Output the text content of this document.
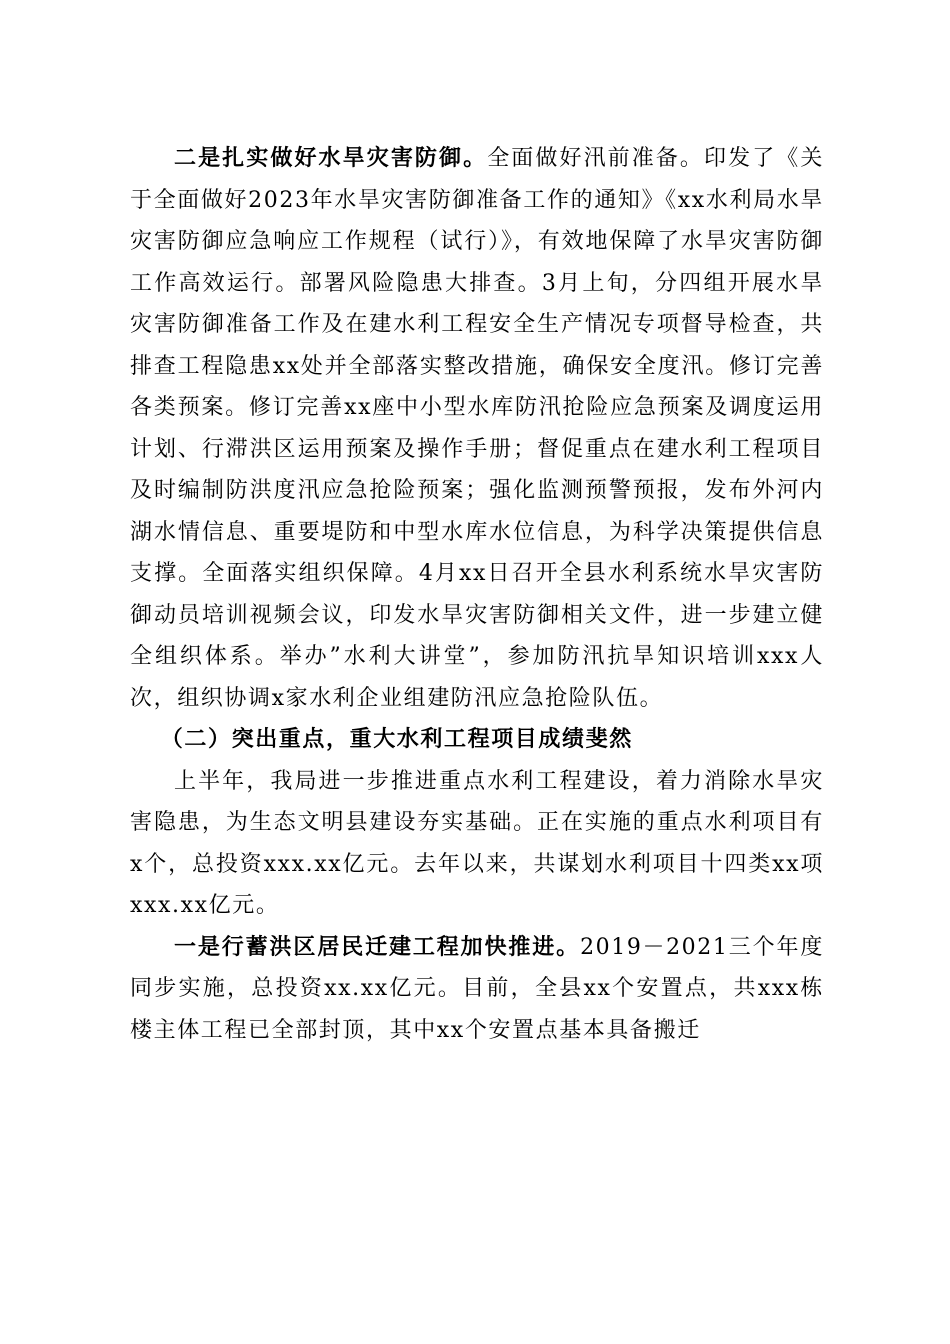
二是扎实做好水旱灾害防御。全面做好汛前准备。印发了《关于全面做好2023年水旱灾害防御准备工作的通知》《xx水利局水旱灾害防御应急响应工作规程（试行）》，有效地保障了水旱灾害防御工作高效运行。部署风险隐患大排查。3月上旬，分四组开展水旱灾害防御准备工作及在建水利工程安全生产情况专项督导检查，共排查工程隐患xx处并全部落实整改措施，确保安全度汛。修订完善各类预案。修订完善xx座中小型水库防汛抢险应急预案及调度运用计划、行滞洪区运用预案及操作手册；督促重点在建水利工程项目及时编制防洪度汛应急抢险预案；强化监测预警预报，发布外河内湖水情信息、重要堤防和中型水库水位信息，为科学决策提供信息支撑。全面落实组织保障。4月xx日召开全县水利系统水旱灾害防御动员培训视频会议，印发水旱灾害防御相关文件，进一步建立健全组织体系。举办”水利大讲堂”，参加防汛抗旱知识培训xxx人次，组织协调x家水利企业组建防汛应急抢险队伍。

（二）突出重点，重大水利工程项目成绩斐然

上半年，我局进一步推进重点水利工程建设，着力消除水旱灾害隐患，为生态文明县建设夯实基础。正在实施的重点水利项目有x个，总投资xxx.xx亿元。去年以来，共谋划水利项目十四类xx项xxx.xx亿元。

一是行蓄洪区居民迁建工程加快推进。2019－2021三个年度同步实施，总投资xx.xx亿元。目前，全县xx个安置点，共xxx栋楼主体工程已全部封顶，其中xx个安置点基本具备搬迁
